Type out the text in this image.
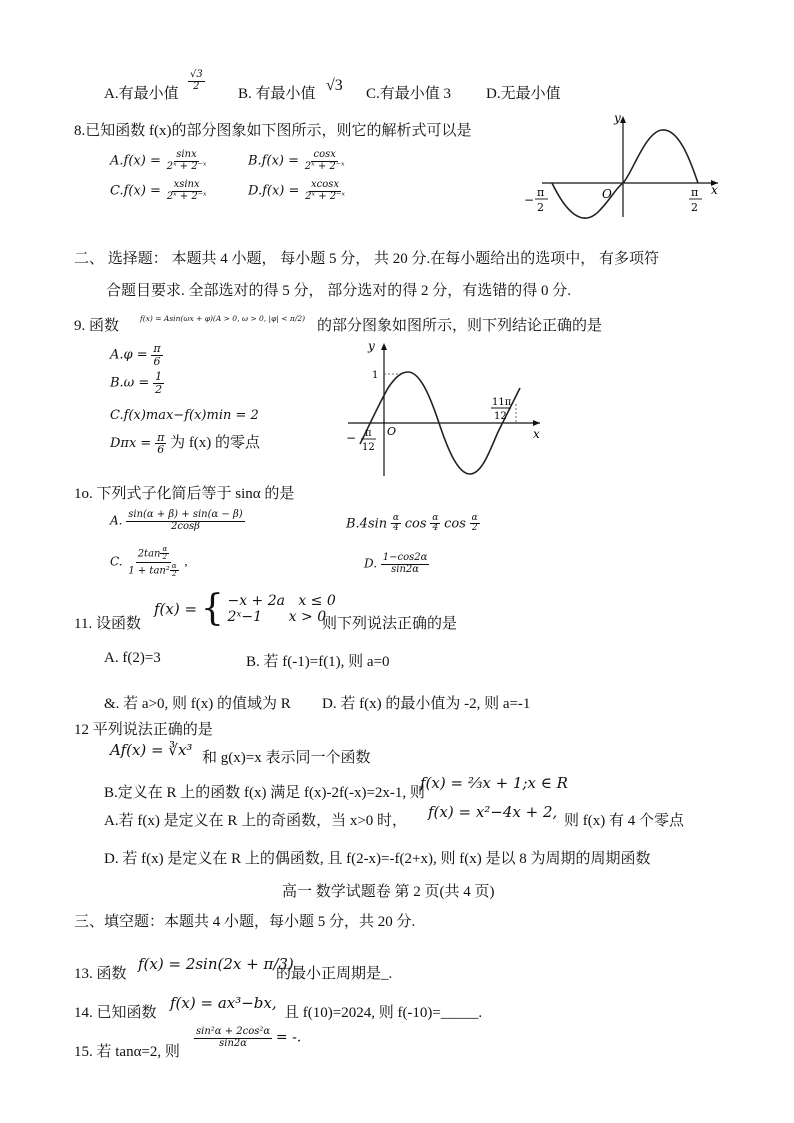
A.有最小值
$\frac{√3}{2}$
B. 有最小值 √3 C.有最小值 3 D.无最小值
8.已知函数 f(x)的部分图象如下图所示，则它的解析式可以是
$A.f(x) = \frac{\sin x}{\text{2ˣ + 2⁻ˣ}}$	$B.f(x) = \frac{\cos x}{\text{2ˣ + 2⁻ˣ}}$
$C.f(x) = \frac{xsinx}{\text{2ˣ + 2⁻ˣ}}$	$D.f(x) = \frac{xcosx}{\text{2ˣ + 2⁻ˣ}}$
y
x
O
−
π
2
π
2
二、 选择题： 本题共 4 小题， 每小题 5 分， 共 20 分.在每小题给出的选项中， 有多项符
合题目要求. 全部选对的得 5 分， 部分选对的得 2 分，有选错的得 0 分.
9. 函数	f(x) = Asin(ωx + φ)(A > 0, ω > 0, |φ| < π/2) 的部分图象如图所示，则下列结论正确的是
$A.\varphi = \frac{\pi}{6}$
$B.\omega = \frac{1}{2}$
C.f(x)max−f(x)min = 2
$D\pi x = \frac{\pi}{6}$ 为 f(x) 的零点
y
x
O
1
− π
12
11π
12
1o. 下列式子化简后等于 sinα 的是
A. $\frac{\sin(\alpha + \beta) + \sin(\alpha - \beta)}{2\cos\beta}$	$B.4\sin \frac{\alpha}{4}$ $\cos \frac{\alpha}{4}$ $\cos \frac{\alpha}{2}$
C. $\frac{2\tan \frac{\alpha}{2}}{1 + \tan^2 \frac{\alpha}{2}}$ ,	D. $\frac{1-\cos 2\alpha}{\sin 2\alpha}$
11. 设函数
f(x) = { −x + 2a   x ≤ 0
2ˣ−1      x > 0
则下列说法正确的是
A. f(2)=3	B. 若 f(-1)=f(1), 则 a=0
&. 若 a>0, 则 f(x) 的值域为 R D. 若 f(x) 的最小值为 -2, 则 a=-1
12 平列说法正确的是
Af(x) = ∛x³ 和 g(x)=x 表示同一个函数
B.定义在 R 上的函数 f(x) 满足 f(x)-2f(-x)=2x-1, 则
f(x) = ⅔x + 1;x ∈ R
A.若 f(x) 是定义在 R 上的奇函数，当 x>0 时， f(x) = x²−4x + 2, 则 f(x) 有 4 个零点
D. 若 f(x) 是定义在 R 上的偶函数, 且 f(2-x)=-f(2+x), 则 f(x) 是以 8 为周期的周期函数
高一 数学试题卷 第 2 页(共 4 页)
三、填空题：本题共 4 小题，每小题 5 分，共 20 分.
13. 函数
f(x) = 2sin(2x + π/3)
的最小正周期是_.
14. 已知函数
f(x) = ax³−bx,
且 f(10)=2024, 则 f(-10)=_____.
15. 若 tanα=2, 则
$\frac{\text{sin²α + 2cos²α}}{\sin 2\alpha}$ = -.
